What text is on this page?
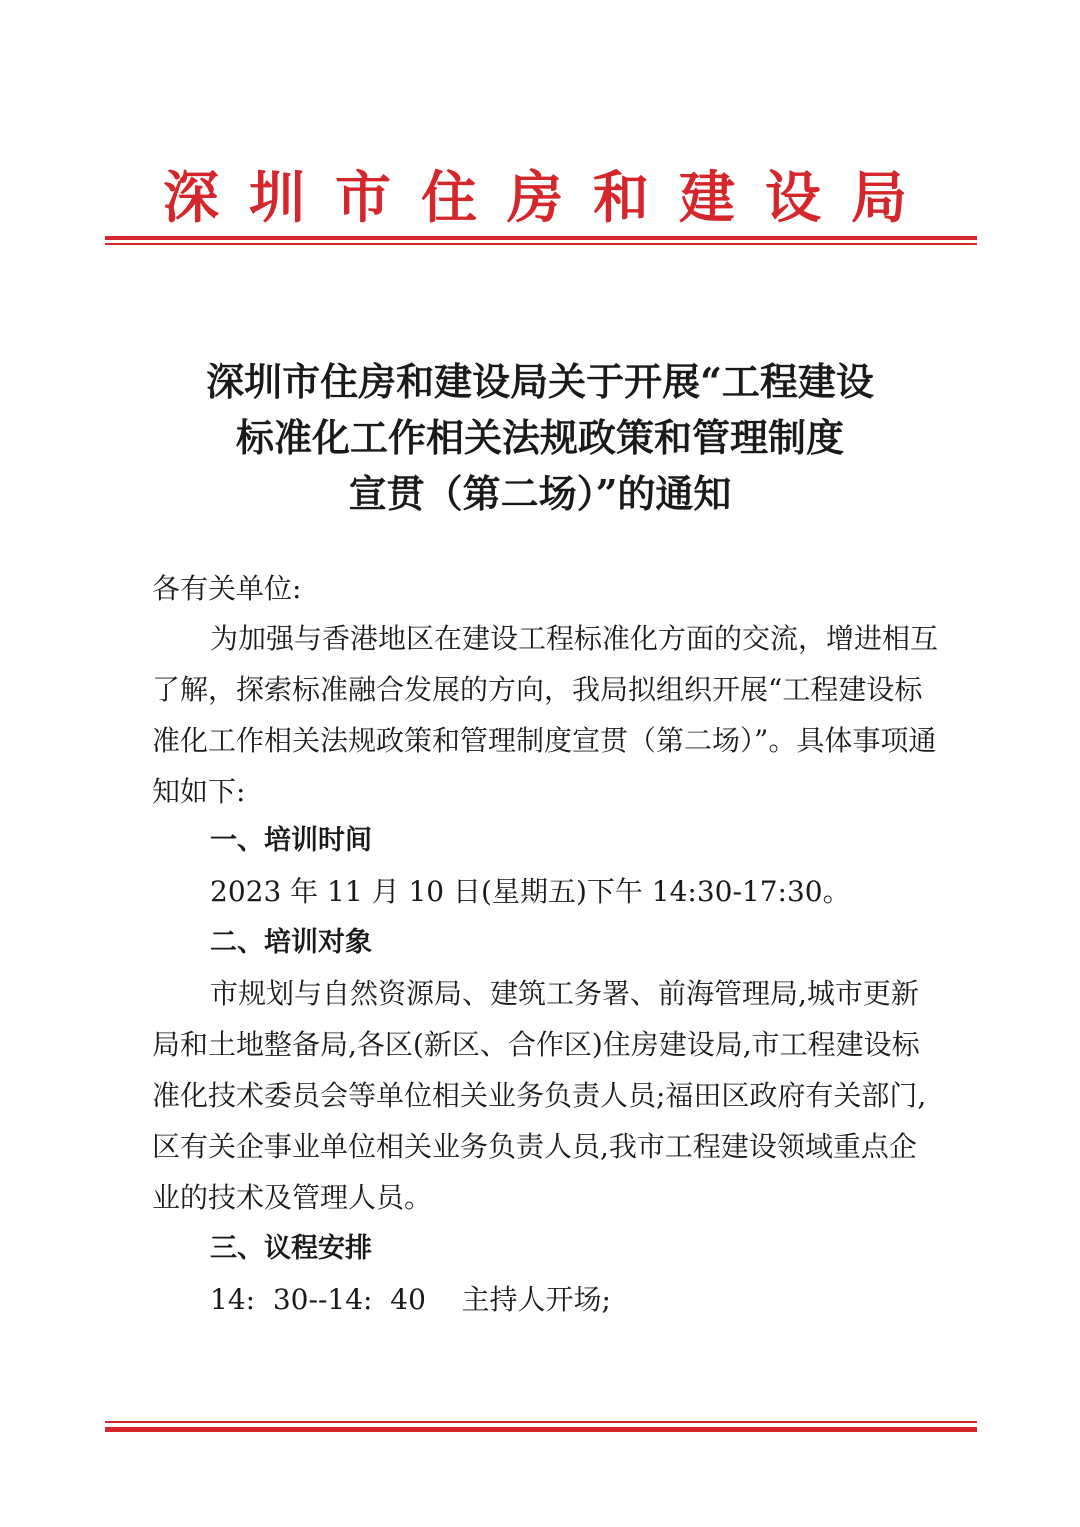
深圳市住房和建设局
深圳市住房和建设局关于开展“工程建设
标准化工作相关法规政策和管理制度
宣贯（第二场）”的通知
各有关单位:
为加强与香港地区在建设工程标准化方面的交流，增进相互
了解，探索标准融合发展的方向，我局拟组织开展“工程建设标
准化工作相关法规政策和管理制度宣贯（第二场）”。具体事项通
知如下:
一、培训时间
2023 年 11 月 10 日(星期五)下午 14:30-17:30。
二、培训对象
市规划与自然资源局、建筑工务署、前海管理局,城市更新
局和土地整备局,各区(新区、合作区)住房建设局,市工程建设标
准化技术委员会等单位相关业务负责人员;福田区政府有关部门,
区有关企事业单位相关业务负责人员,我市工程建设领域重点企
业的技术及管理人员。
三、议程安排
14:  30--14:  40    主持人开场;
